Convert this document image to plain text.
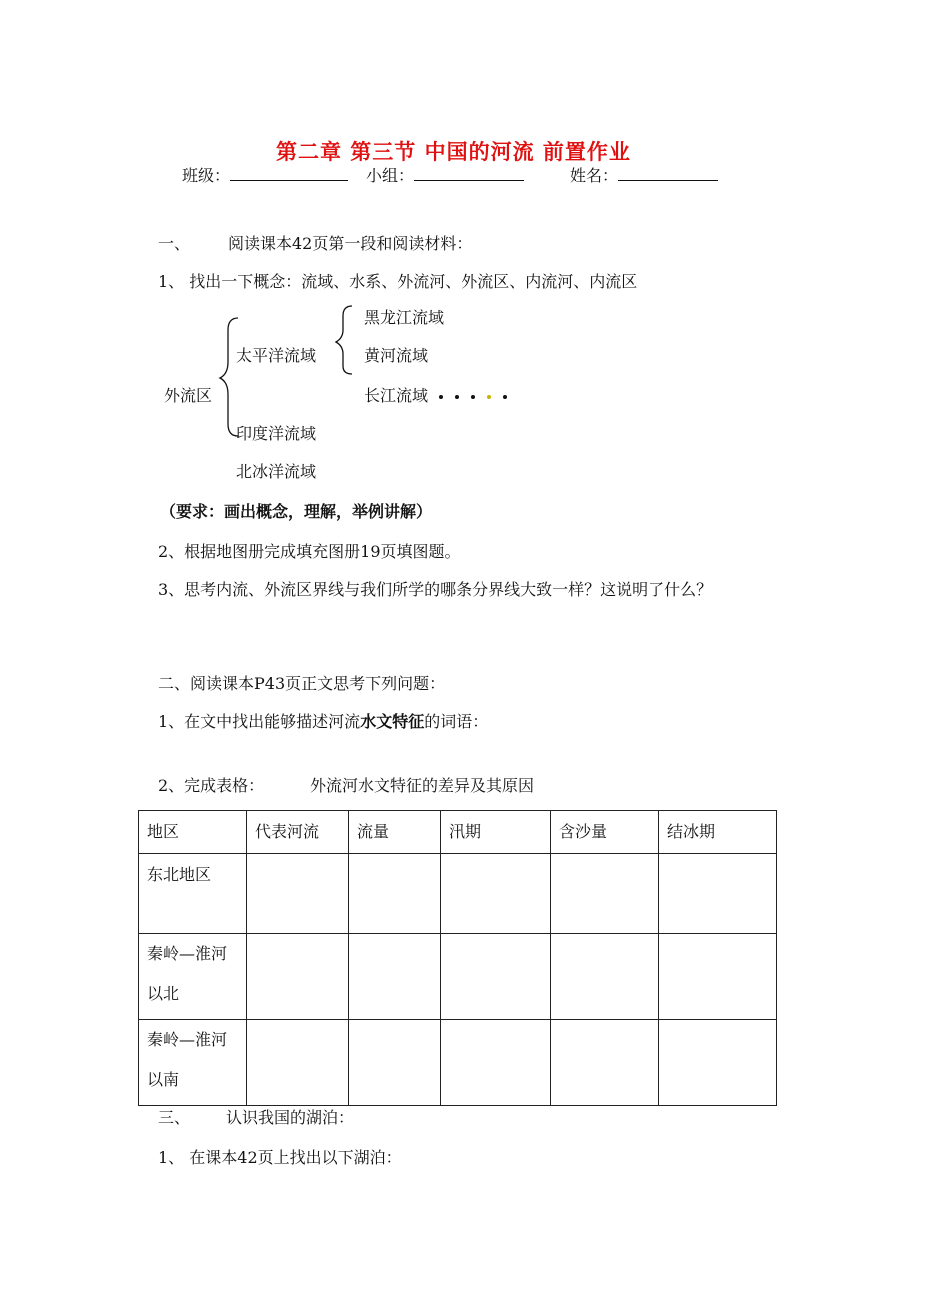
第二章 第三节 中国的河流 前置作业
班级：	小组：	姓名：
一、 阅读课本42页第一段和阅读材料：
1、 找出一下概念：流域、水系、外流河、外流区、内流河、内流区
外流区
太平洋流域
印度洋流域
北冰洋流域
黑龙江流域
黄河流域
长江流域
（要求：画出概念，理解，举例讲解）
2、根据地图册完成填充图册19页填图题。
3、思考内流、外流区界线与我们所学的哪条分界线大致一样？这说明了什么？
二、阅读课本P43页正文思考下列问题：
1、在文中找出能够描述河流水文特征的词语：
2、完成表格：	外流河水文特征的差异及其原因
地区	代表河流	流量	汛期	含沙量	结冰期
东北地区					
秦岭—淮河以北					
秦岭—淮河以南					
三、 认识我国的湖泊：
1、 在课本42页上找出以下湖泊：
